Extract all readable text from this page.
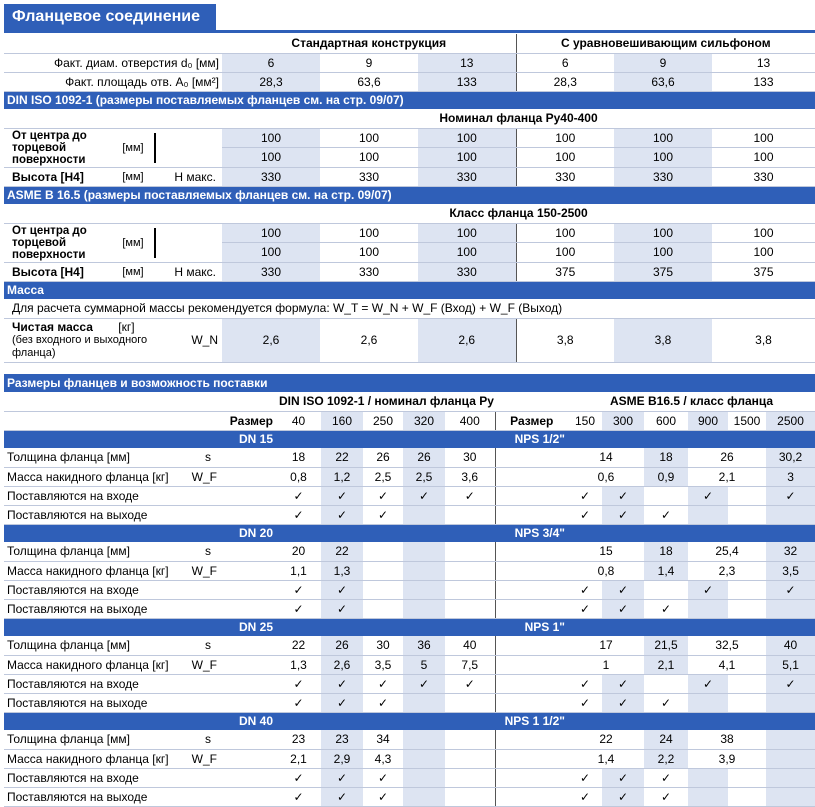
Фланцевое соединение
	Стандартная конструкция			С уравновешивающим сильфоном		
Факт. диам. отверстия d₀ [мм]	6	9	13	6	9	13
Факт. площадь отв. A₀ [мм²]	28,3	63,6	133	28,3	63,6	133
DIN ISO 1092-1 (размеры поставляемых фланцев см. на стр. 09/07)						
	Номинал фланца Ру40-400					

От центра до торцевой поверхности
[мм]	100	100	100	100	100	100
	100	100	100	100	100	100

Высота [H4] [мм] Н макс.	330	330	330	330	330	330
ASME B 16.5 (размеры поставляемых фланцев см. на стр. 09/07)						
	Класс фланца 150-2500					

От центра до торцевой поверхности
[мм]	100	100	100	100	100	100
	100	100	100	100	100	100

Высота [H4] [мм] Н макс.	330	330	330	375	375	375
Масса						
Для расчета суммарной массы рекомендуется формула: W_T = W_N + W_F (Вход) + W_F (Выход)						

Чистая масса [кг]
(без входного и выходного фланца)
W_N	2,6	2,6	2,6	3,8	3,8	3,8
Размеры фланцев и возможность поставки												
	DIN ISO 1092-1 / номинал фланца Ру						ASME B16.5 / класс фланца					
Размер	40	160	250	320	400	Размер	150	300	600	900	1500	2500
DN 15						NPS 1/2"						
Толщина фланца [мм] s	18	22	26	26	30		14		18	26		30,2
Масса накидного фланца [кг] W_F	0,8	1,2	2,5	2,5	3,6		0,6		0,9	2,1		3
Поставляются на входе	✓	✓	✓	✓	✓		✓	✓		✓		✓
Поставляются на выходе	✓	✓	✓				✓	✓	✓			
DN 20						NPS 3/4"						
Толщина фланца [мм] s	20	22					15		18	25,4		32
Масса накидного фланца [кг] W_F	1,1	1,3					0,8		1,4	2,3		3,5
Поставляются на входе	✓	✓					✓	✓		✓		✓
Поставляются на выходе	✓	✓					✓	✓	✓			
DN 25						NPS 1"						
Толщина фланца [мм] s	22	26	30	36	40		17		21,5	32,5		40
Масса накидного фланца [кг] W_F	1,3	2,6	3,5	5	7,5		1		2,1	4,1		5,1
Поставляются на входе	✓	✓	✓	✓	✓		✓	✓		✓		✓
Поставляются на выходе	✓	✓	✓				✓	✓	✓			
DN 40						NPS 1 1/2"						
Толщина фланца [мм] s	23	23	34				22		24	38		
Масса накидного фланца [кг] W_F	2,1	2,9	4,3				1,4		2,2	3,9		
Поставляются на входе	✓	✓	✓				✓	✓	✓			
Поставляются на выходе	✓	✓	✓				✓	✓	✓			
